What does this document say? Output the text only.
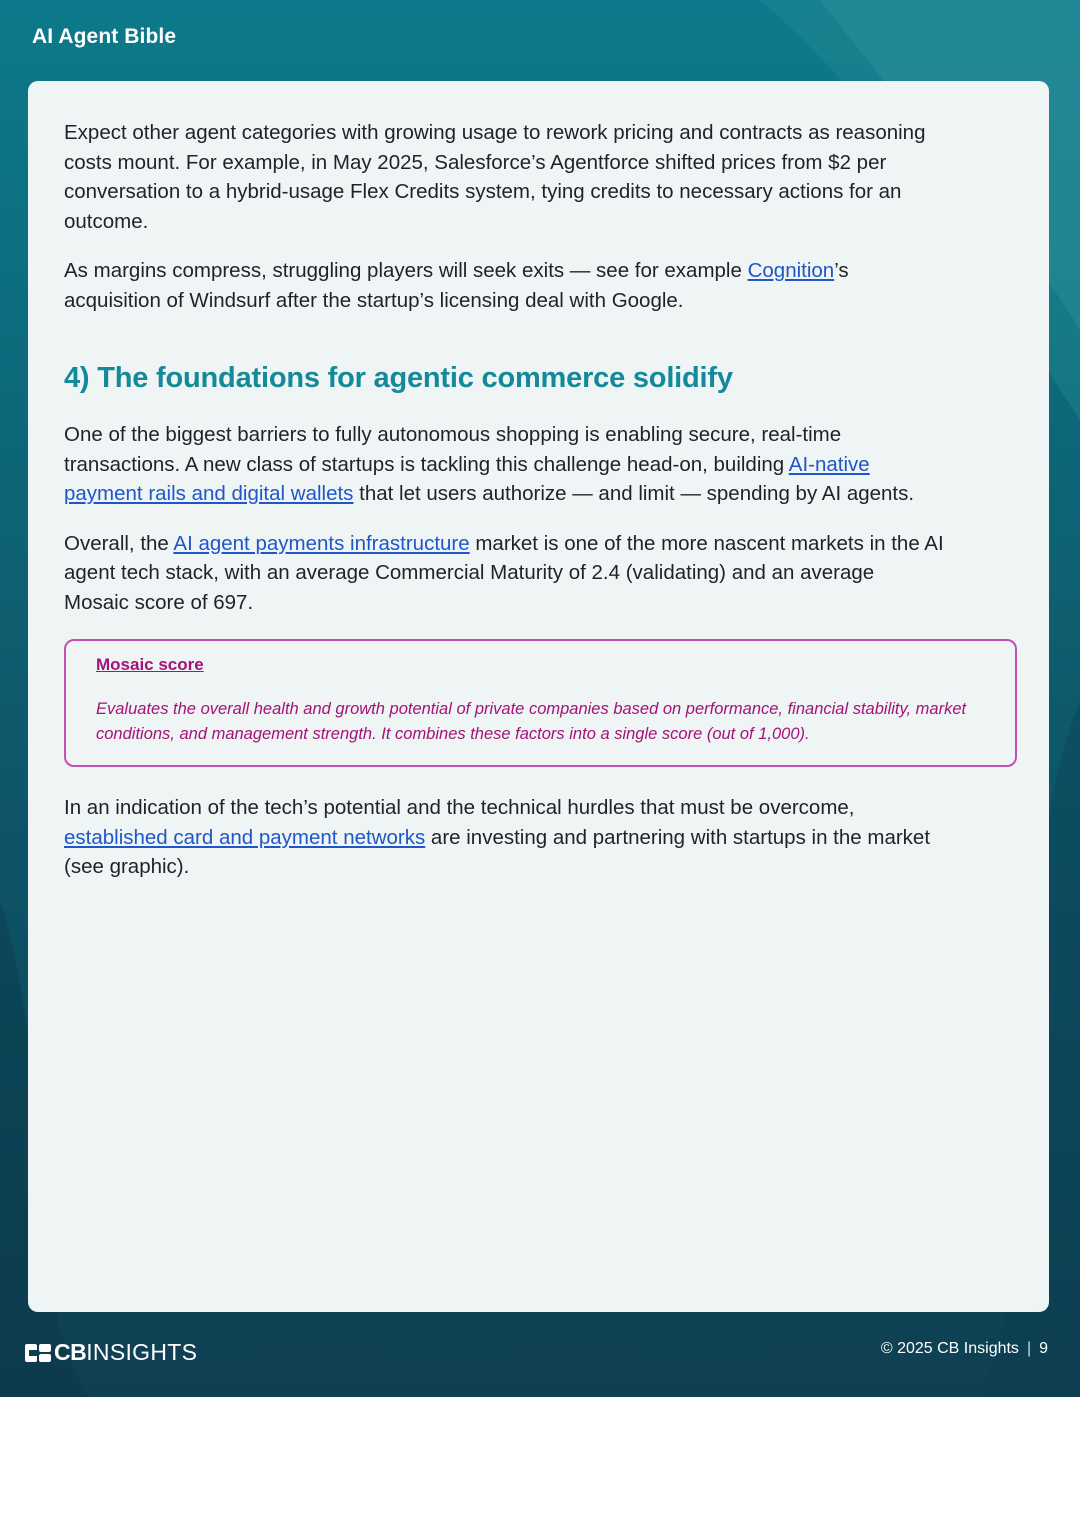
AI Agent Bible

Expect other agent categories with growing usage to rework pricing and contracts as reasoning costs mount. For example, in May 2025, Salesforce’s Agentforce shifted prices from $2 per conversation to a hybrid-usage Flex Credits system, tying credits to necessary actions for an outcome.

As margins compress, struggling players will seek exits — see for example Cognition’s acquisition of Windsurf after the startup’s licensing deal with Google.

4) The foundations for agentic commerce solidify

One of the biggest barriers to fully autonomous shopping is enabling secure, real-time transactions. A new class of startups is tackling this challenge head-on, building AI-native payment rails and digital wallets that let users authorize — and limit — spending by AI agents.

Overall, the AI agent payments infrastructure market is one of the more nascent markets in the AI agent tech stack, with an average Commercial Maturity of 2.4 (validating) and an average Mosaic score of 697.

Mosaic score

Evaluates the overall health and growth potential of private companies based on performance, financial stability, market conditions, and management strength. It combines these factors into a single score (out of 1,000).

In an indication of the tech’s potential and the technical hurdles that must be overcome, established card and payment networks are investing and partnering with startups in the market (see graphic).

CB INSIGHTS	© 2025 CB Insights | 9
